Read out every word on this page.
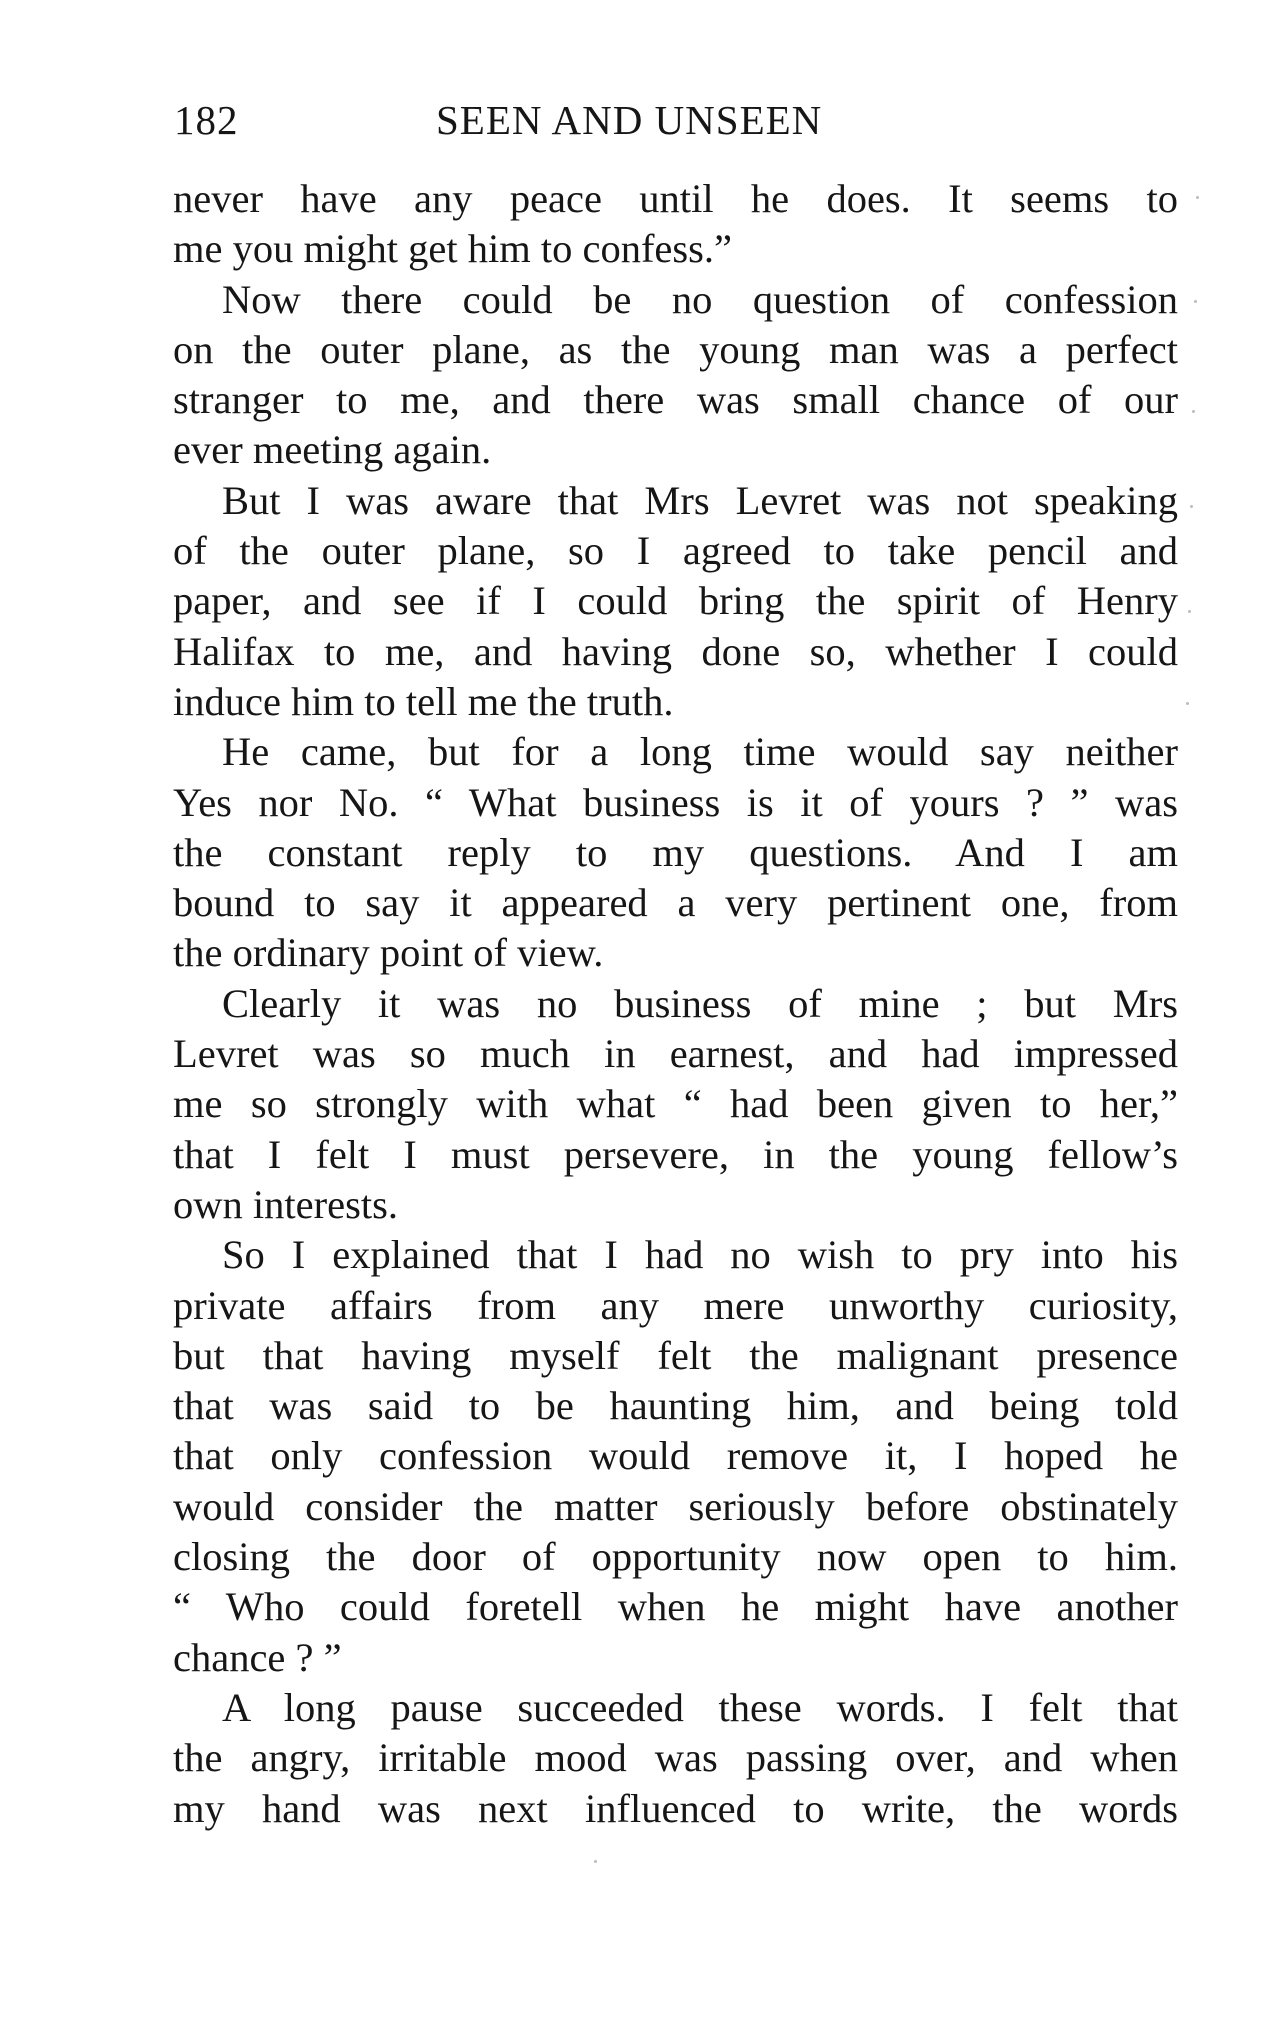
182	SEEN AND UNSEEN
never have any peace until he does. It seems to
me you might get him to confess.”
Now there could be no question of confession
on the outer plane, as the young man was a perfect
stranger to me, and there was small chance of our
ever meeting again.
But I was aware that Mrs Levret was not speaking
of the outer plane, so I agreed to take pencil and
paper, and see if I could bring the spirit of Henry
Halifax to me, and having done so, whether I could
induce him to tell me the truth.
He came, but for a long time would say neither
Yes nor No. “ What business is it of yours ? ” was
the constant reply to my questions. And I am
bound to say it appeared a very pertinent one, from
the ordinary point of view.
Clearly it was no business of mine ; but Mrs
Levret was so much in earnest, and had impressed
me so strongly with what “ had been given to her,”
that I felt I must persevere, in the young fellow’s
own interests.
So I explained that I had no wish to pry into his
private affairs from any mere unworthy curiosity,
but that having myself felt the malignant presence
that was said to be haunting him, and being told
that only confession would remove it, I hoped he
would consider the matter seriously before obstinately
closing the door of opportunity now open to him.
“ Who could foretell when he might have another
chance ? ”
A long pause succeeded these words. I felt that
the angry, irritable mood was passing over, and when
my hand was next influenced to write, the words
